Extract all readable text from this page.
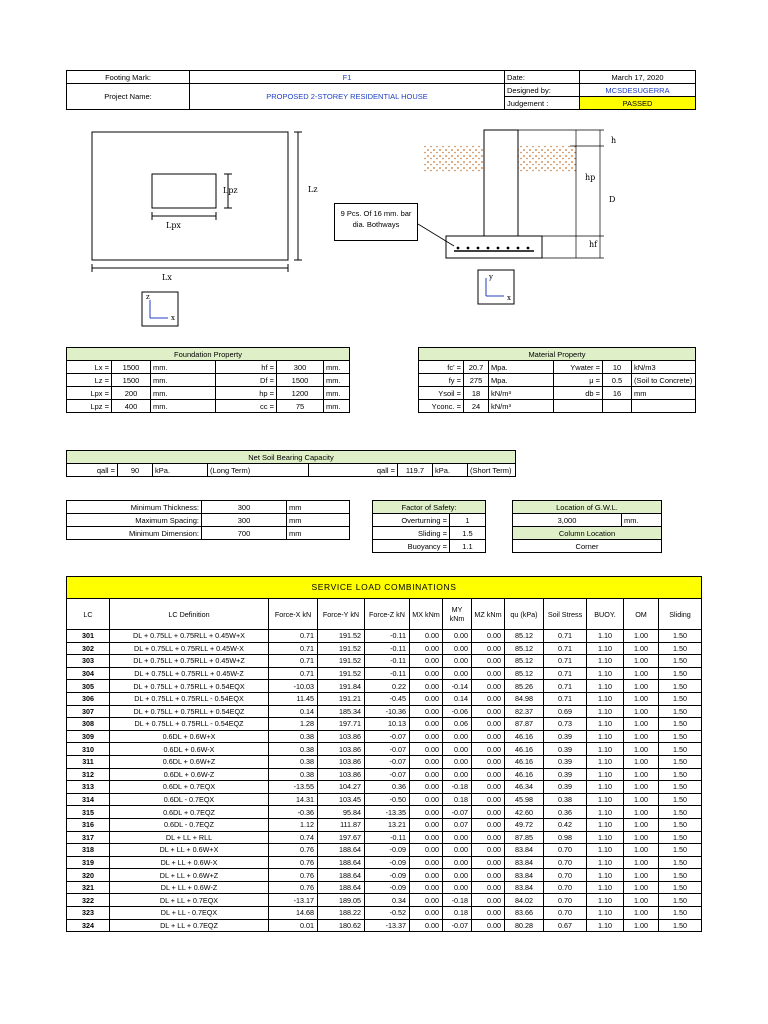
Footing Mark:	F1	Date:	March 17, 2020
Project Name:	PROPOSED 2-STOREY RESIDENTIAL HOUSE	Designed by:	MCSDESUGERRA
		Judgement :	PASSED
Lpz
Lpx
Lz
Lx
z
x
h
hp
D
hf
y
x
9 Pcs. Of 16 mm. bar dia. Bothways
Foundation Property					
Lx =	1500	mm.	hf =	300	mm.
Lz =	1500	mm.	Df =	1500	mm.
Lpx =	200	mm.	hp =	1200	mm.
Lpz =	400	mm.	cc =	75	mm.
Material Property					
fc' =	20.7	Mpa.	Ywater =	10	kN/m3
fy =	275	Mpa.	μ =	0.5	(Soil to Concrete)
Ysoil =	18	kN/m³	db =	16	mm
Yconc. =	24	kN/m³			
Net Soil Bearing Capacity
qall =	90	kPa.	(Long Term)	qall =	119.7	kPa.	(Short Term)
Minimum Thickness:	300	mm
Maximum Spacing:	300	mm
Minimum Dimension:	700	mm
Factor of Safety:	
Overturning =	1
Sliding =	1.5
Buoyancy =	1.1
Location of G.W.L.
3,000	mm.
Column Location
Corner
SERVICE LOAD COMBINATIONS
LC	LC Definition	Force-X kN	Force-Y kN	Force-Z kN	MX kNm	MY kNm	MZ kNm	qu (kPa)	Soil Stress	BUOY.	OM	Sliding
301	DL + 0.75LL + 0.75RLL + 0.45W+X	0.71	191.52	-0.11	0.00	0.00	0.00	85.12	0.71	1.10	1.00	1.50
302	DL + 0.75LL + 0.75RLL + 0.45W-X	0.71	191.52	-0.11	0.00	0.00	0.00	85.12	0.71	1.10	1.00	1.50
303	DL + 0.75LL + 0.75RLL + 0.45W+Z	0.71	191.52	-0.11	0.00	0.00	0.00	85.12	0.71	1.10	1.00	1.50
304	DL + 0.75LL + 0.75RLL + 0.45W-Z	0.71	191.52	-0.11	0.00	0.00	0.00	85.12	0.71	1.10	1.00	1.50
305	DL + 0.75LL + 0.75RLL + 0.54EQX	-10.03	191.84	0.22	0.00	-0.14	0.00	85.26	0.71	1.10	1.00	1.50
306	DL + 0.75LL + 0.75RLL - 0.54EQX	11.45	191.21	-0.45	0.00	0.14	0.00	84.98	0.71	1.10	1.00	1.50
307	DL + 0.75LL + 0.75RLL + 0.54EQZ	0.14	185.34	-10.36	0.00	-0.06	0.00	82.37	0.69	1.10	1.00	1.50
308	DL + 0.75LL + 0.75RLL - 0.54EQZ	1.28	197.71	10.13	0.00	0.06	0.00	87.87	0.73	1.10	1.00	1.50
309	0.6DL + 0.6W+X	0.38	103.86	-0.07	0.00	0.00	0.00	46.16	0.39	1.10	1.00	1.50
310	0.6DL + 0.6W-X	0.38	103.86	-0.07	0.00	0.00	0.00	46.16	0.39	1.10	1.00	1.50
311	0.6DL + 0.6W+Z	0.38	103.86	-0.07	0.00	0.00	0.00	46.16	0.39	1.10	1.00	1.50
312	0.6DL + 0.6W-Z	0.38	103.86	-0.07	0.00	0.00	0.00	46.16	0.39	1.10	1.00	1.50
313	0.6DL + 0.7EQX	-13.55	104.27	0.36	0.00	-0.18	0.00	46.34	0.39	1.10	1.00	1.50
314	0.6DL - 0.7EQX	14.31	103.45	-0.50	0.00	0.18	0.00	45.98	0.38	1.10	1.00	1.50
315	0.6DL + 0.7EQZ	-0.36	95.84	-13.35	0.00	-0.07	0.00	42.60	0.36	1.10	1.00	1.50
316	0.6DL - 0.7EQZ	1.12	111.87	13.21	0.00	0.07	0.00	49.72	0.42	1.10	1.00	1.50
317	DL + LL + RLL	0.74	197.67	-0.11	0.00	0.00	0.00	87.85	0.98	1.10	1.00	1.50
318	DL + LL + 0.6W+X	0.76	188.64	-0.09	0.00	0.00	0.00	83.84	0.70	1.10	1.00	1.50
319	DL + LL + 0.6W-X	0.76	188.64	-0.09	0.00	0.00	0.00	83.84	0.70	1.10	1.00	1.50
320	DL + LL + 0.6W+Z	0.76	188.64	-0.09	0.00	0.00	0.00	83.84	0.70	1.10	1.00	1.50
321	DL + LL + 0.6W-Z	0.76	188.64	-0.09	0.00	0.00	0.00	83.84	0.70	1.10	1.00	1.50
322	DL + LL + 0.7EQX	-13.17	189.05	0.34	0.00	-0.18	0.00	84.02	0.70	1.10	1.00	1.50
323	DL + LL - 0.7EQX	14.68	188.22	-0.52	0.00	0.18	0.00	83.66	0.70	1.10	1.00	1.50
324	DL + LL + 0.7EQZ	0.01	180.62	-13.37	0.00	-0.07	0.00	80.28	0.67	1.10	1.00	1.50
